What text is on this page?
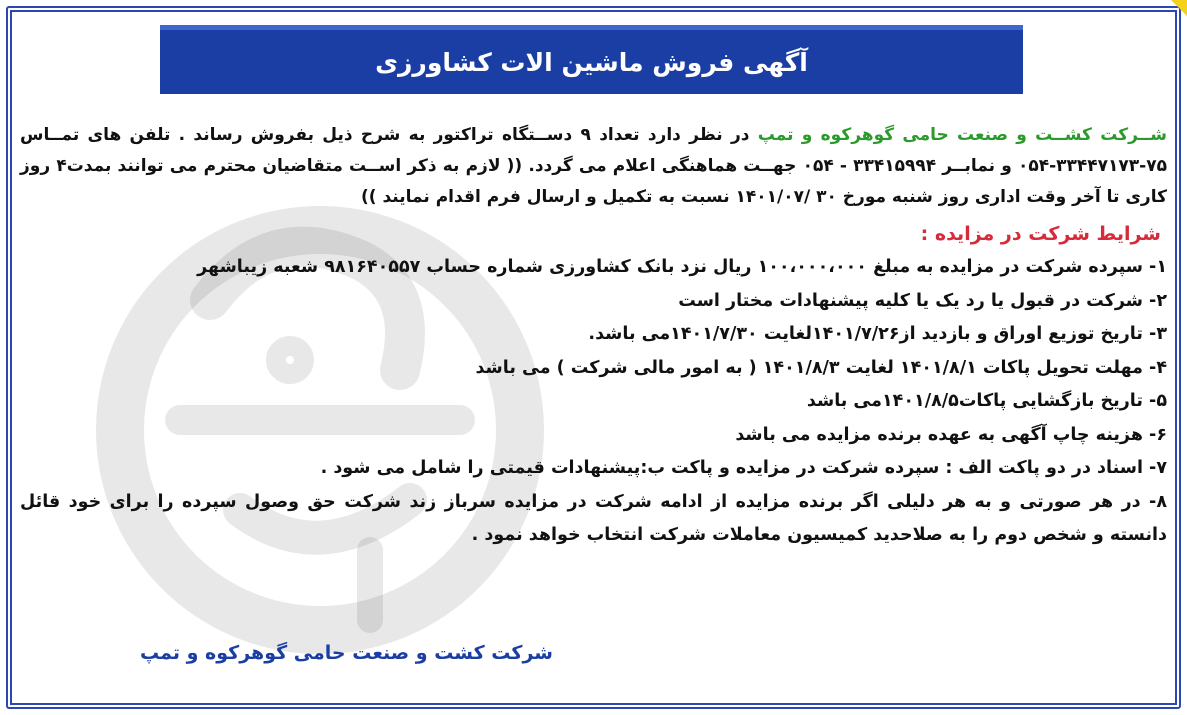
آگهی فروش ماشین الات کشاورزی

شــرکت کشــت و صنعت حامی گوهرکوه و تمپ در نظر دارد تعداد ۹ دســتگاه تراکتور به شرح ذیل بفروش رساند . تلفن های تمــاس ۷۵-۳۳۴۴۷۱۷۳-۰۵۴ و نمابــر ۳۳۴۱۵۹۹۴ - ۰۵۴ جهــت هماهنگی اعلام می گردد. (( لازم به ذکر اســت متقاضیان محترم می توانند بمدت۴ روز کاری تا آخر وقت اداری روز شنبه مورخ ۳۰ /۱۴۰۱/۰۷ نسبت به تکمیل و ارسال فرم اقدام نمایند ))

شرایط شرکت در مزایده :
۱- سپرده شرکت در مزایده به مبلغ ۱۰۰،۰۰۰،۰۰۰ ریال نزد بانک کشاورزی شماره حساب ۹۸۱۶۴۰۵۵۷ شعبه زیباشهر
۲- شرکت در قبول یا رد یک یا کلیه پیشنهادات مختار است
۳- تاریخ توزیع اوراق و بازدید از۱۴۰۱/۷/۲۶لغایت ۱۴۰۱/۷/۳۰می باشد.
۴- مهلت تحویل پاکات ۱۴۰۱/۸/۱ لغایت ۱۴۰۱/۸/۳ ( به امور مالی شرکت ) می باشد
۵- تاریخ بازگشایی پاکات۱۴۰۱/۸/۵می باشد
۶- هزینه چاپ آگهی به عهده برنده مزایده می باشد
۷- اسناد در دو پاکت الف : سپرده شرکت در مزایده و پاکت ب:پیشنهادات قیمتی را شامل می شود .
۸- در هر صورتی و به هر دلیلی اگر برنده مزایده از ادامه شرکت در مزایده سرباز زند شرکت حق وصول سپرده را برای خود قائل دانسته و شخص دوم را به صلاحدید کمیسیون معاملات شرکت انتخاب خواهد نمود .
شرکت کشت و صنعت حامی گوهرکوه و تمپ
